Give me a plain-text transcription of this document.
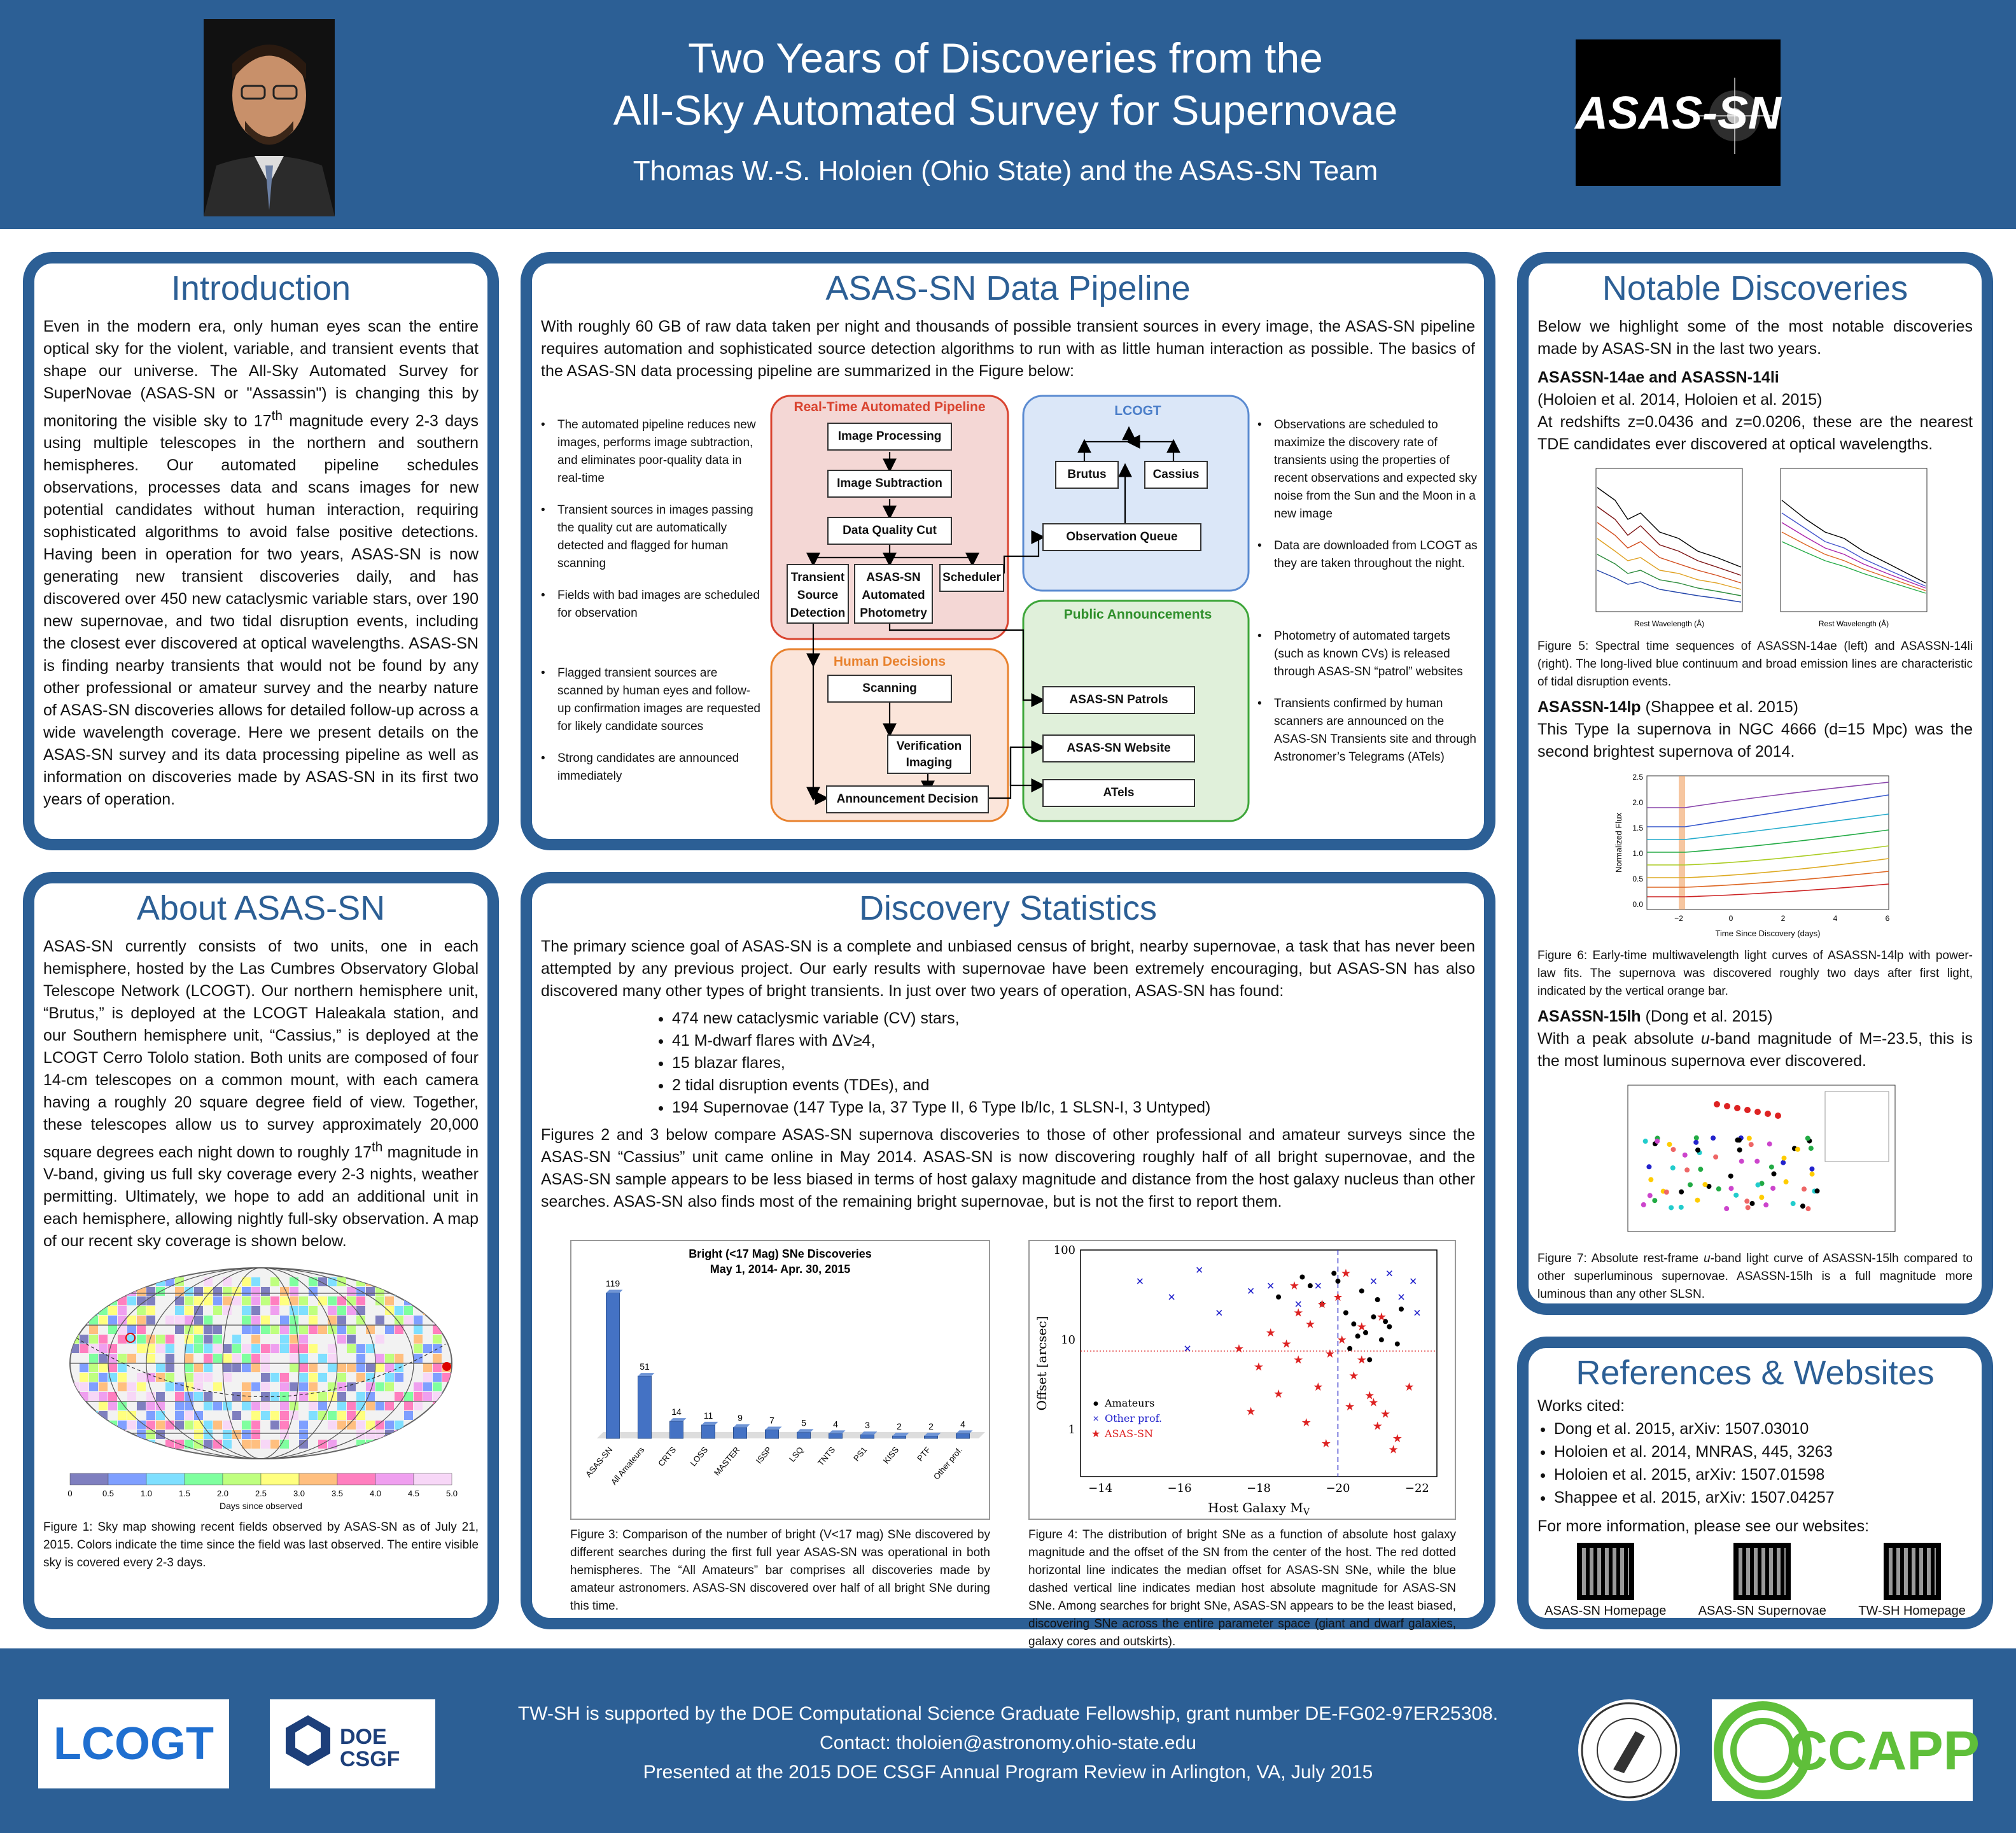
Two Years of Discoveries from the
All-Sky Automated Survey for Supernovae
Thomas W.-S. Holoien (Ohio State) and the ASAS-SN Team
ASAS-SN
Introduction
Even in the modern era, only human eyes scan the entire optical sky for the violent, variable, and transient events that shape our universe. The All-Sky Automated Survey for SuperNovae (ASAS-SN or "Assassin") is changing this by monitoring the visible sky to 17th magnitude every 2-3 days using multiple telescopes in the northern and southern hemispheres. Our automated pipeline schedules observations, processes data and scans images for new potential candidates without human interaction, requiring sophisticated algorithms to avoid false positive detections. Having been in operation for two years, ASAS-SN is now generating new transient discoveries daily, and has discovered over 450 new cataclysmic variable stars, over 190 new supernovae, and two tidal disruption events, including the closest ever discovered at optical wavelengths. ASAS-SN is finding nearby transients that would not be found by any other professional or amateur survey and the nearby nature of ASAS-SN discoveries allows for detailed follow-up across a wide wavelength coverage. Here we present details on the ASAS-SN survey and its data processing pipeline as well as information on discoveries made by ASAS-SN in its first two years of operation.
About ASAS-SN
ASAS-SN currently consists of two units, one in each hemisphere, hosted by the Las Cumbres Observatory Global Telescope Network (LCOGT). Our northern hemisphere unit, “Brutus,” is deployed at the LCOGT Haleakala station, and our Southern hemisphere unit, “Cassius,” is deployed at the LCOGT Cerro Tololo station. Both units are composed of four 14-cm telescopes on a common mount, with each camera having a roughly 20 square degree field of view. Together, these telescopes allow us to survey approximately 20,000 square degrees each night down to roughly 17th magnitude in V-band, giving us full sky coverage every 2-3 nights, weather permitting. Ultimately, we hope to add an additional unit in each hemisphere, allowing nightly full-sky observation. A map of our recent sky coverage is shown below.

0	0.5	1.0	1.5	2.0	2.5	3.0	3.5	4.0	4.5	5.0
Days since observed
Figure 1: Sky map showing recent fields observed by ASAS-SN as of July 21, 2015. Colors indicate the time since the field was last observed. The entire visible sky is covered every 2-3 days.
ASAS-SN Data Pipeline
With roughly 60 GB of raw data taken per night and thousands of possible transient sources in every image, the ASAS-SN pipeline requires automation and sophisticated source detection algorithms to run with as little human interaction as possible. The basics of the ASAS-SN data processing pipeline are summarized in the Figure below:
• The automated pipeline reduces new images, performs image subtraction, and eliminates poor-quality data in real-time
• Transient sources in images passing the quality cut are automatically detected and flagged for human scanning
• Fields with bad images are scheduled for observation
• Flagged transient sources are scanned by human eyes and follow-up confirmation images are requested for likely candidate sources
• Strong candidates are announced immediately
• Observations are scheduled to maximize the discovery rate of transients using the properties of recent observations and expected sky noise from the Sun and the Moon in a new image
• Data are downloaded from LCOGT as they are taken throughout the night.
• Photometry of automated targets (such as known CVs) is released through ASAS-SN “patrol” websites
• Transients confirmed by human scanners are announced on the ASAS-SN Transients site and through Astronomer’s Telegrams (ATels)
Real-Time Automated Pipeline	LCOGT
Human Decisions
Public Announcements
Image Processing
Image Subtraction
Data Quality Cut
Transient Source Detection
ASAS-SN Automated Photometry
Scheduler
Brutus	Cassius
Observation Queue
Scanning
Verification Imaging
Announcement Decision
ASAS-SN Patrols
ASAS-SN Website
ATels
Discovery Statistics
The primary science goal of ASAS-SN is a complete and unbiased census of bright, nearby supernovae, a task that has never been attempted by any previous project. Our early results with supernovae have been extremely encouraging, but ASAS-SN has also discovered many other types of bright transients. In just over two years of operation, ASAS-SN has found:
• 474 new cataclysmic variable (CV) stars,
• 41 M-dwarf flares with ΔV≥4,
• 15 blazar flares,
• 2 tidal disruption events (TDEs), and
• 194 Supernovae (147 Type Ia, 37 Type II, 6 Type Ib/Ic, 1 SLSN-I, 3 Untyped)
Figures 2 and 3 below compare ASAS-SN supernova discoveries to those of other professional and amateur surveys since the ASAS-SN “Cassius” unit came online in May 2014. ASAS-SN is now discovering roughly half of all bright supernovae, and the ASAS-SN sample appears to be less biased in terms of host galaxy magnitude and distance from the host galaxy nucleus than other searches. ASAS-SN also finds most of the remaining bright supernovae, but is not the first to report them.
Bright (<17 Mag) SNe Discoveries
May 1, 2014- Apr. 30, 2015
119
ASAS-SN
51
All Amateurs
14
CRTS
11
LOSS
9
MASTER
7
ISSP
5
LSQ
4
TNTS
3
PS1
2
KISS
2
PTF
4
Other prof.
Figure 3: Comparison of the number of bright (V<17 mag) SNe discovered by different searches during the first full year ASAS-SN was operational in both hemispheres. The “All Amateurs” bar comprises all discoveries made by amateur astronomers. ASAS-SN discovered over half of all bright SNe during this time.
−14	−16	−18	−20	−22
1
10
100
★
★
★
★
★
★
★
★
★
★
★
★
★
★
★
★
★
★
★
★
★
★
★
★
★
★
★
★
★
★
● Amateurs
× Other prof.
★ ASAS-SN
Host Galaxy $M_V$
Offset [arcsec]
Figure 4: The distribution of bright SNe as a function of absolute host galaxy magnitude and the offset of the SN from the center of the host. The red dotted horizontal line indicates the median offset for ASAS-SN SNe, while the blue dashed vertical line indicates median host absolute magnitude for ASAS-SN SNe. Among searches for bright SNe, ASAS-SN appears to be the least biased, discovering SNe across the entire parameter space (giant and dwarf galaxies, galaxy cores and outskirts).
Notable Discoveries
Below we highlight some of the most notable discoveries made by ASAS-SN in the last two years.
ASASSN-14ae and ASASSN-14li
(Holoien et al. 2014, Holoien et al. 2015)
At redshifts z=0.0436 and z=0.0206, these are the nearest TDE candidates ever discovered at optical wavelengths.
Rest Wavelength (Å)	Rest Wavelength (Å)
Figure 5: Spectral time sequences of ASASSN-14ae (left) and ASASSN-14li (right). The long-lived blue continuum and broad emission lines are characteristic of tidal disruption events.
ASASSN-14lp (Shappee et al. 2015)
This Type Ia supernova in NGC 4666 (d=15 Mpc) was the second brightest supernova of 2014.
−2	0	2	4	6
0.0
0.5
1.0
1.5
2.0
2.5
Time Since Discovery (days)
Normalized Flux
Figure 6: Early-time multiwavelength light curves of ASASSN-14lp with power-law fits. The supernova was discovered roughly two days after first light, indicated by the vertical orange bar.
ASASSN-15lh (Dong et al. 2015)
With a peak absolute u-band magnitude of M=-23.5, this is the most luminous supernova ever discovered.
Figure 7: Absolute rest-frame u-band light curve of ASASSN-15lh compared to other superluminous supernovae. ASASSN-15lh is a full magnitude more luminous than any other SLSN.
References & Websites
Works cited:
• Dong et al. 2015, arXiv: 1507.03010
• Holoien et al. 2014, MNRAS, 445, 3263
• Holoien et al. 2015, arXiv: 1507.01598
• Shappee et al. 2015, arXiv: 1507.04257
For more information, please see our websites:
ASAS-SN Homepage	ASAS-SN Supernovae	TW-SH Homepage
LCOGT	DOE
CSGF
TW-SH is supported by the DOE Computational Science Graduate Fellowship, grant number DE-FG02-97ER25308.
Contact: tholoien@astronomy.ohio-state.edu
Presented at the 2015 DOE CSGF Annual Program Review in Arlington, VA, July 2015	CCAPP
